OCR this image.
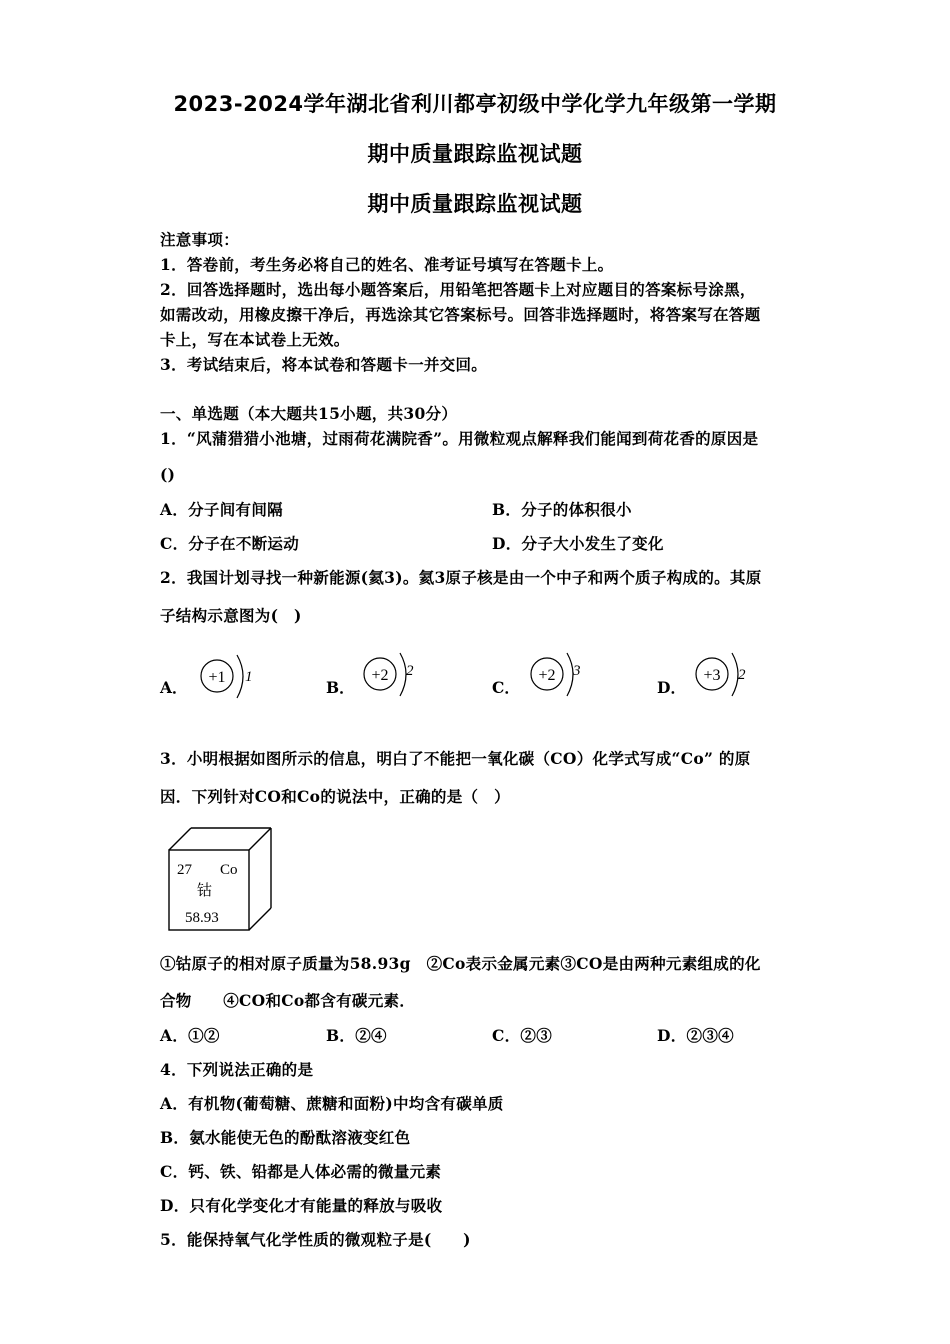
2023-2024学年湖北省利川都亭初级中学化学九年级第一学期
期中质量跟踪监视试题
期中质量跟踪监视试题
注意事项：
1．答卷前，考生务必将自己的姓名、准考证号填写在答题卡上。
2．回答选择题时，选出每小题答案后，用铅笔把答题卡上对应题目的答案标号涂黑，
如需改动，用橡皮擦干净后，再选涂其它答案标号。回答非选择题时，将答案写在答题
卡上，写在本试卷上无效。
3．考试结束后，将本试卷和答题卡一并交回。
一、单选题（本大题共15小题，共30分）
1．“风蒲猎猎小池塘，过雨荷花满院香”。用微粒观点解释我们能闻到荷花香的原因是
()
A．分子间有间隔	B．分子的体积很小
C．分子在不断运动	D．分子大小发生了变化
2．我国计划寻找一种新能源(氦3)。氦3原子核是由一个中子和两个质子构成的。其原
子结构示意图为(　)
A．
+1 1
B．
+2 2
C．
+2 3
D．
+3 2
3．小明根据如图所示的信息，明白了不能把一氧化碳（CO）化学式写成“Co” 的原
因．下列针对CO和Co的说法中，正确的是（　）
27 Co
钴
58.93
①钴原子的相对原子质量为58.93g　②Co表示金属元素③CO是由两种元素组成的化
合物　　④CO和Co都含有碳元素．
A．①②	B．②④	C．②③	D．②③④
4．下列说法正确的是
A．有机物(葡萄糖、蔗糖和面粉)中均含有碳单质
B．氨水能使无色的酚酞溶液变红色
C．钙、铁、铅都是人体必需的微量元素
D．只有化学变化才有能量的释放与吸收
5．能保持氧气化学性质的微观粒子是(　　)
